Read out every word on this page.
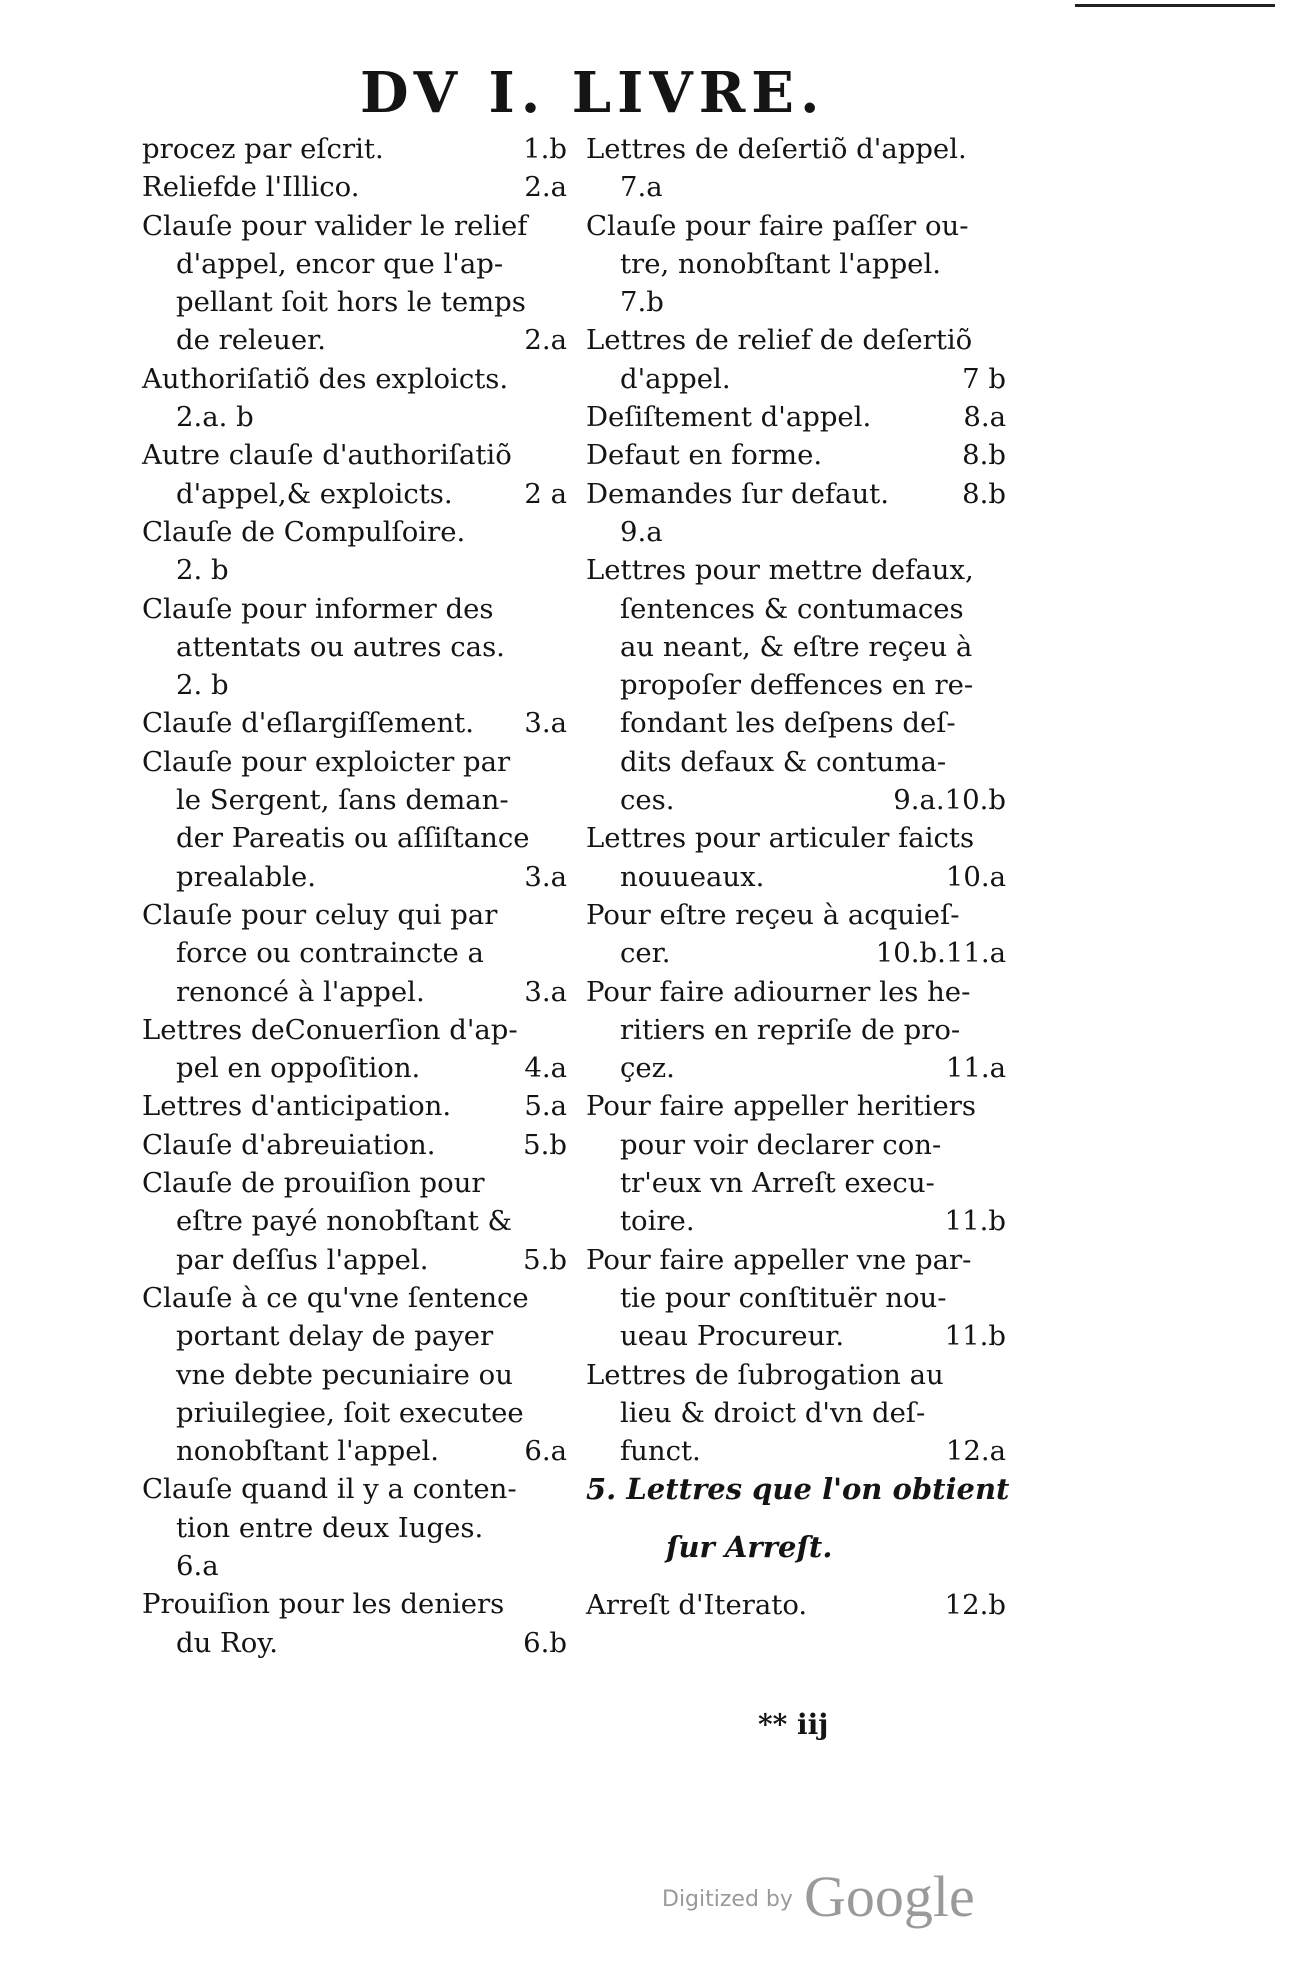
DV I. LIVRE.
procez par eſcrit.	1.b
Reliefde l'Illico.	2.a
Clauſe pour valider le relief
d'appel, encor que l'ap-
pellant ſoit hors le temps
de releuer.	2.a
Authoriſatiõ des exploicts.
2.a. b
Autre clauſe d'authoriſatiõ
d'appel,& exploicts.	2 a
Clauſe de Compulſoire.
2. b
Clauſe pour informer des
attentats ou autres cas.
2. b
Clauſe d'eſlargiſſement. 3.a
Clauſe pour exploicter par
le Sergent, ſans deman-
der Pareatis ou aſſiſtance
prealable.	3.a
Clauſe pour celuy qui par
force ou contraincte a
renoncé à l'appel.	3.a
Lettres deConuerſion d'ap-
pel en oppoſition.	4.a
Lettres d'anticipation.	5.a
Clauſe d'abreuiation.	5.b
Clauſe de prouiſion pour
eſtre payé nonobſtant &
par deſſus l'appel.	5.b
Clauſe à ce qu'vne ſentence
portant delay de payer
vne debte pecuniaire ou
priuilegiee, ſoit executee
nonobſtant l'appel.	6.a
Clauſe quand il y a conten-
tion entre deux Iuges.
6.a
Prouiſion pour les deniers
du Roy.	6.b
Lettres de deſertiõ d'appel.
7.a
Clauſe pour faire paſſer ou-
tre, nonobſtant l'appel.
7.b
Lettres de relief de deſertiõ
d'appel.	7 b
Deſiſtement d'appel.	8.a
Defaut en forme.	8.b
Demandes ſur defaut.	8.b
9.a
Lettres pour mettre defaux,
ſentences & contumaces
au neant, & eſtre reçeu à
propoſer deffences en re-
fondant les deſpens deſ-
dits defaux & contuma-
ces.	9.a.10.b
Lettres pour articuler faicts
nouueaux.	10.a
Pour eſtre reçeu à acquieſ-
cer.	10.b.11.a
Pour faire adiourner les he-
ritiers en repriſe de pro-
çez.	11.a
Pour faire appeller heritiers
pour voir declarer con-
tr'eux vn Arreſt execu-
toire.	11.b
Pour faire appeller vne par-
tie pour conſtituër nou-
ueau Procureur.	11.b
Lettres de ſubrogation au
lieu & droict d'vn deſ-
funct.	12.a
5. Lettres que l'on obtient
ſur Arreſt.
Arreſt d'Iterato.	12.b
** iij
Digitized by Google
